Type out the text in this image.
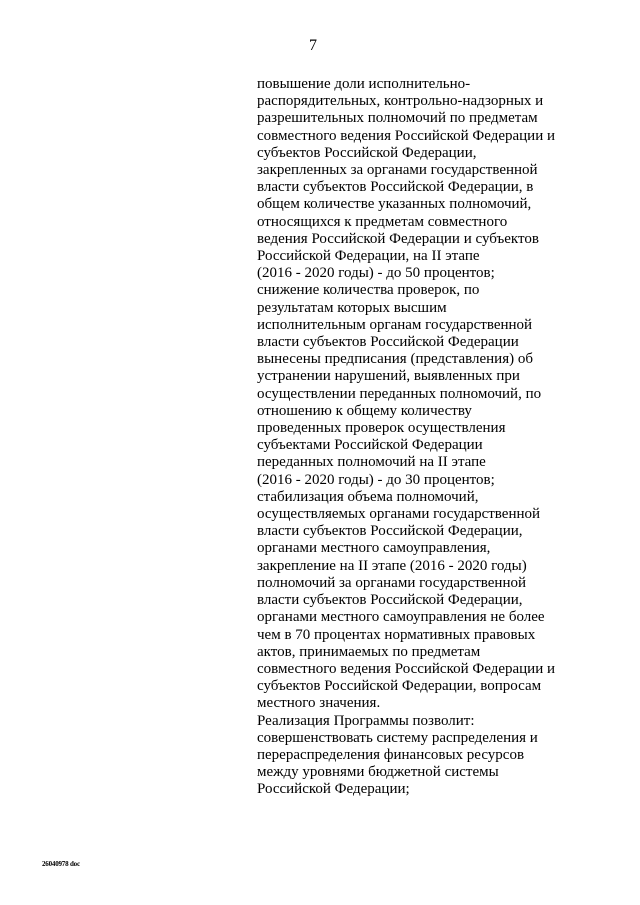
7
повышение доли исполнительно-
распорядительных, контрольно-надзорных и
разрешительных полномочий по предметам
совместного ведения Российской Федерации и
субъектов Российской Федерации,
закрепленных за органами государственной
власти субъектов Российской Федерации, в
общем количестве указанных полномочий,
относящихся к предметам совместного
ведения Российской Федерации и субъектов
Российской Федерации, на II этапе
(2016 - 2020 годы) - до 50 процентов;
снижение количества проверок, по
результатам которых высшим
исполнительным органам государственной
власти субъектов Российской Федерации
вынесены предписания (представления) об
устранении нарушений, выявленных при
осуществлении переданных полномочий, по
отношению к общему количеству
проведенных проверок осуществления
субъектами Российской Федерации
переданных полномочий на II этапе
(2016 - 2020 годы) - до 30 процентов;
стабилизация объема полномочий,
осуществляемых органами государственной
власти субъектов Российской Федерации,
органами местного самоуправления,
закрепление на II этапе (2016 - 2020 годы)
полномочий за органами государственной
власти субъектов Российской Федерации,
органами местного самоуправления не более
чем в 70 процентах нормативных правовых
актов, принимаемых по предметам
совместного ведения Российской Федерации и
субъектов Российской Федерации, вопросам
местного значения.
Реализация Программы позволит:
совершенствовать систему распределения и
перераспределения финансовых ресурсов
между уровнями бюджетной системы
Российской Федерации;
26040978 doc
